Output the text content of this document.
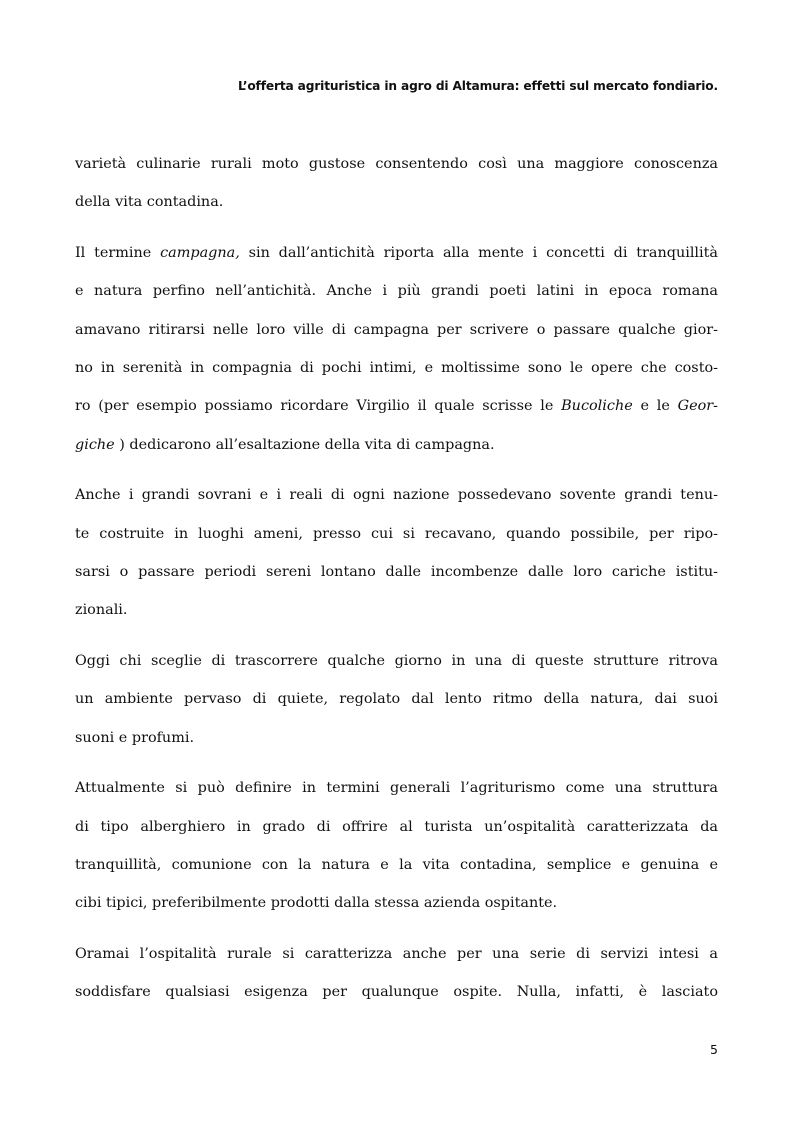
L’offerta agrituristica in agro di Altamura: effetti sul mercato fondiario.

varietà culinarie rurali moto gustose consentendo così una maggiore conoscenza
della vita contadina.

Il termine campagna, sin dall’antichità riporta alla mente i concetti di tranquillità
e natura perfino nell’antichità. Anche i più grandi poeti latini in epoca romana
amavano ritirarsi nelle loro ville di campagna per scrivere o passare qualche gior-
no in serenità in compagnia di pochi intimi, e moltissime sono le opere che costo-
ro (per esempio possiamo ricordare Virgilio il quale scrisse le Bucoliche e le Geor-
giche ) dedicarono all’esaltazione della vita di campagna.

Anche i grandi sovrani e i reali di ogni nazione possedevano sovente grandi tenu-
te costruite in luoghi ameni, presso cui si recavano, quando possibile, per ripo-
sarsi o passare periodi sereni lontano dalle incombenze dalle loro cariche istitu-
zionali.

Oggi chi sceglie di trascorrere qualche giorno in una di queste strutture ritrova
un ambiente pervaso di quiete, regolato dal lento ritmo della natura, dai suoi
suoni e profumi.

Attualmente si può definire in termini generali l’agriturismo come una struttura
di tipo alberghiero in grado di offrire al turista un’ospitalità caratterizzata da
tranquillità, comunione con la natura e la vita contadina, semplice e genuina e
cibi tipici, preferibilmente prodotti dalla stessa azienda ospitante.

Oramai l’ospitalità rurale si caratterizza anche per una serie di servizi intesi a
soddisfare qualsiasi esigenza per qualunque ospite. Nulla, infatti, è lasciato

5
